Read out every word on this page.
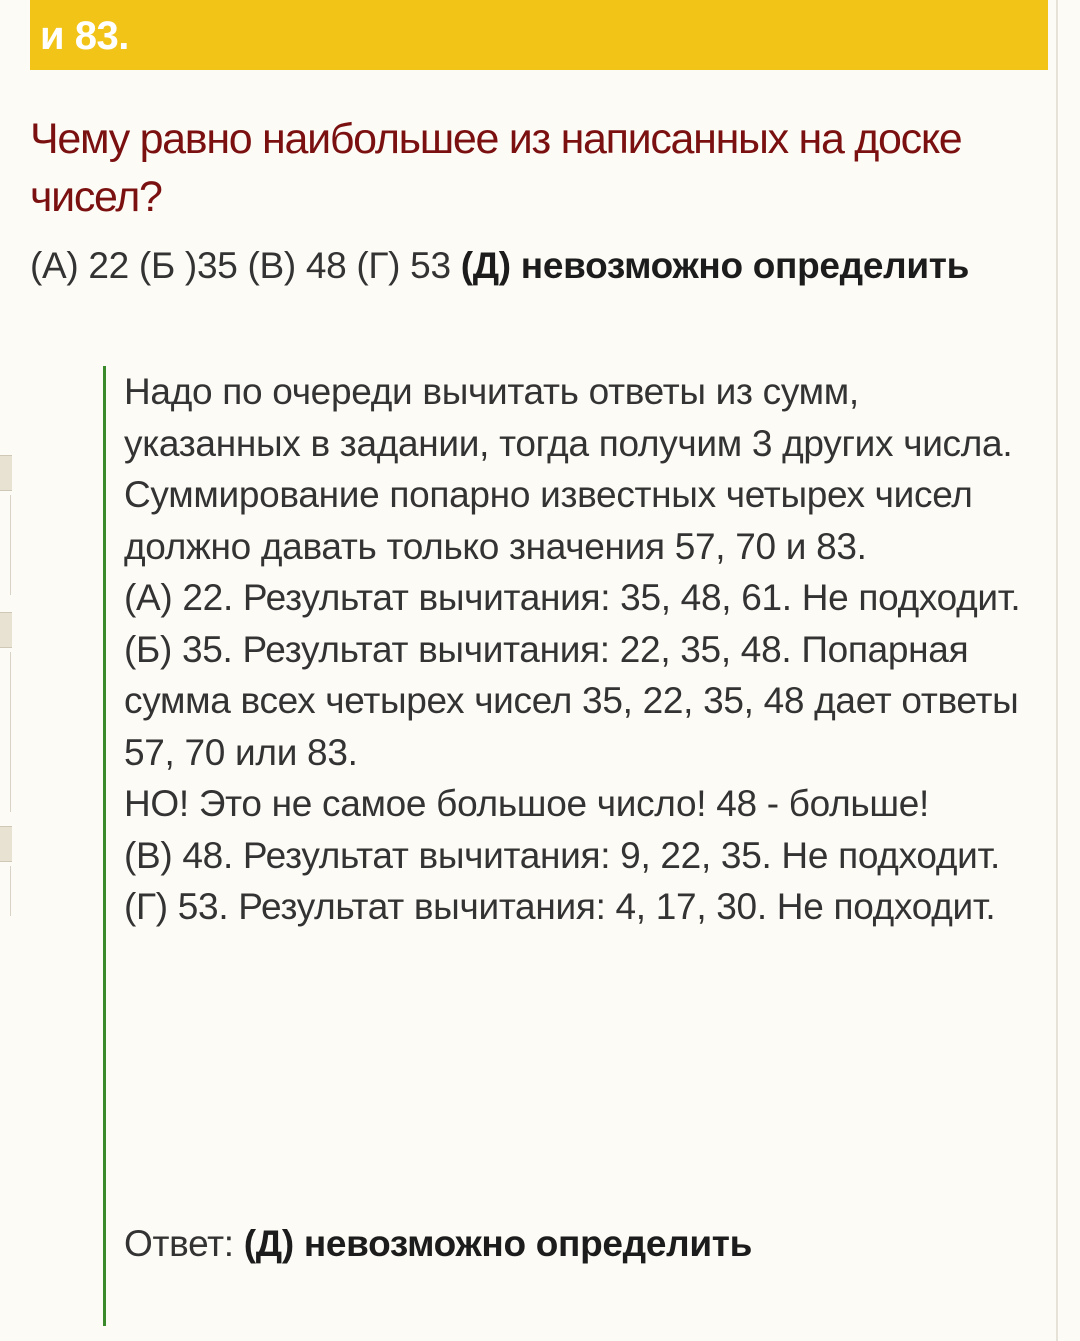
и 83.
Чему равно наибольшее из написанных на доске чисел?
(А) 22 (Б )35 (В) 48 (Г) 53 (Д) невозможно определить

Надо по очереди вычитать ответы из сумм, указанных в задании, тогда получим 3 других числа. Суммирование попарно известных четырех чисел должно давать только значения 57, 70 и 83.

(А) 22. Результат вычитания: 35, 48, 61. Не подходит.

(Б) 35. Результат вычитания: 22, 35, 48. Попарная сумма всех четырех чисел 35, 22, 35, 48 дает ответы 57, 70 или 83.

НО! Это не самое большое число! 48 - больше!

(В) 48. Результат вычитания: 9, 22, 35. Не подходит.

(Г) 53. Результат вычитания: 4, 17, 30. Не подходит.

Ответ: (Д) невозможно определить
